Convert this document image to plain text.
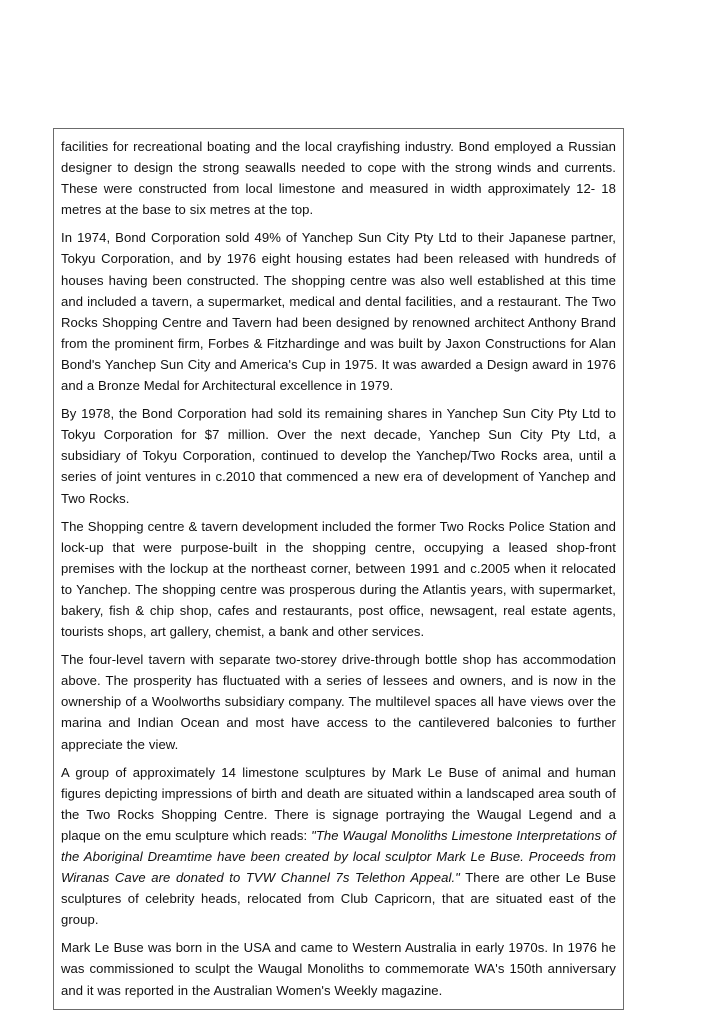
facilities for recreational boating and the local crayfishing industry. Bond employed a Russian designer to design the strong seawalls needed to cope with the strong winds and currents. These were constructed from local limestone and measured in width approximately 12- 18 metres at the base to six metres at the top.

In 1974, Bond Corporation sold 49% of Yanchep Sun City Pty Ltd to their Japanese partner, Tokyu Corporation, and by 1976 eight housing estates had been released with hundreds of houses having been constructed. The shopping centre was also well established at this time and included a tavern, a supermarket, medical and dental facilities, and a restaurant. The Two Rocks Shopping Centre and Tavern had been designed by renowned architect Anthony Brand from the prominent firm, Forbes & Fitzhardinge and was built by Jaxon Constructions for Alan Bond's Yanchep Sun City and America's Cup in 1975. It was awarded a Design award in 1976 and a Bronze Medal for Architectural excellence in 1979.

By 1978, the Bond Corporation had sold its remaining shares in Yanchep Sun City Pty Ltd to Tokyu Corporation for $7 million. Over the next decade, Yanchep Sun City Pty Ltd, a subsidiary of Tokyu Corporation, continued to develop the Yanchep/Two Rocks area, until a series of joint ventures in c.2010 that commenced a new era of development of Yanchep and Two Rocks.

The Shopping centre & tavern development included the former Two Rocks Police Station and lock-up that were purpose-built in the shopping centre, occupying a leased shop-front premises with the lockup at the northeast corner, between 1991 and c.2005 when it relocated to Yanchep. The shopping centre was prosperous during the Atlantis years, with supermarket, bakery, fish & chip shop, cafes and restaurants, post office, newsagent, real estate agents, tourists shops, art gallery, chemist, a bank and other services.

The four-level tavern with separate two-storey drive-through bottle shop has accommodation above. The prosperity has fluctuated with a series of lessees and owners, and is now in the ownership of a Woolworths subsidiary company. The multilevel spaces all have views over the marina and Indian Ocean and most have access to the cantilevered balconies to further appreciate the view.

A group of approximately 14 limestone sculptures by Mark Le Buse of animal and human figures depicting impressions of birth and death are situated within a landscaped area south of the Two Rocks Shopping Centre. There is signage portraying the Waugal Legend and a plaque on the emu sculpture which reads: "The Waugal Monoliths Limestone Interpretations of the Aboriginal Dreamtime have been created by local sculptor Mark Le Buse. Proceeds from Wiranas Cave are donated to TVW Channel 7s Telethon Appeal." There are other Le Buse sculptures of celebrity heads, relocated from Club Capricorn, that are situated east of the group.

Mark Le Buse was born in the USA and came to Western Australia in early 1970s. In 1976 he was commissioned to sculpt the Waugal Monoliths to commemorate WA's 150th anniversary and it was reported in the Australian Women's Weekly magazine.
